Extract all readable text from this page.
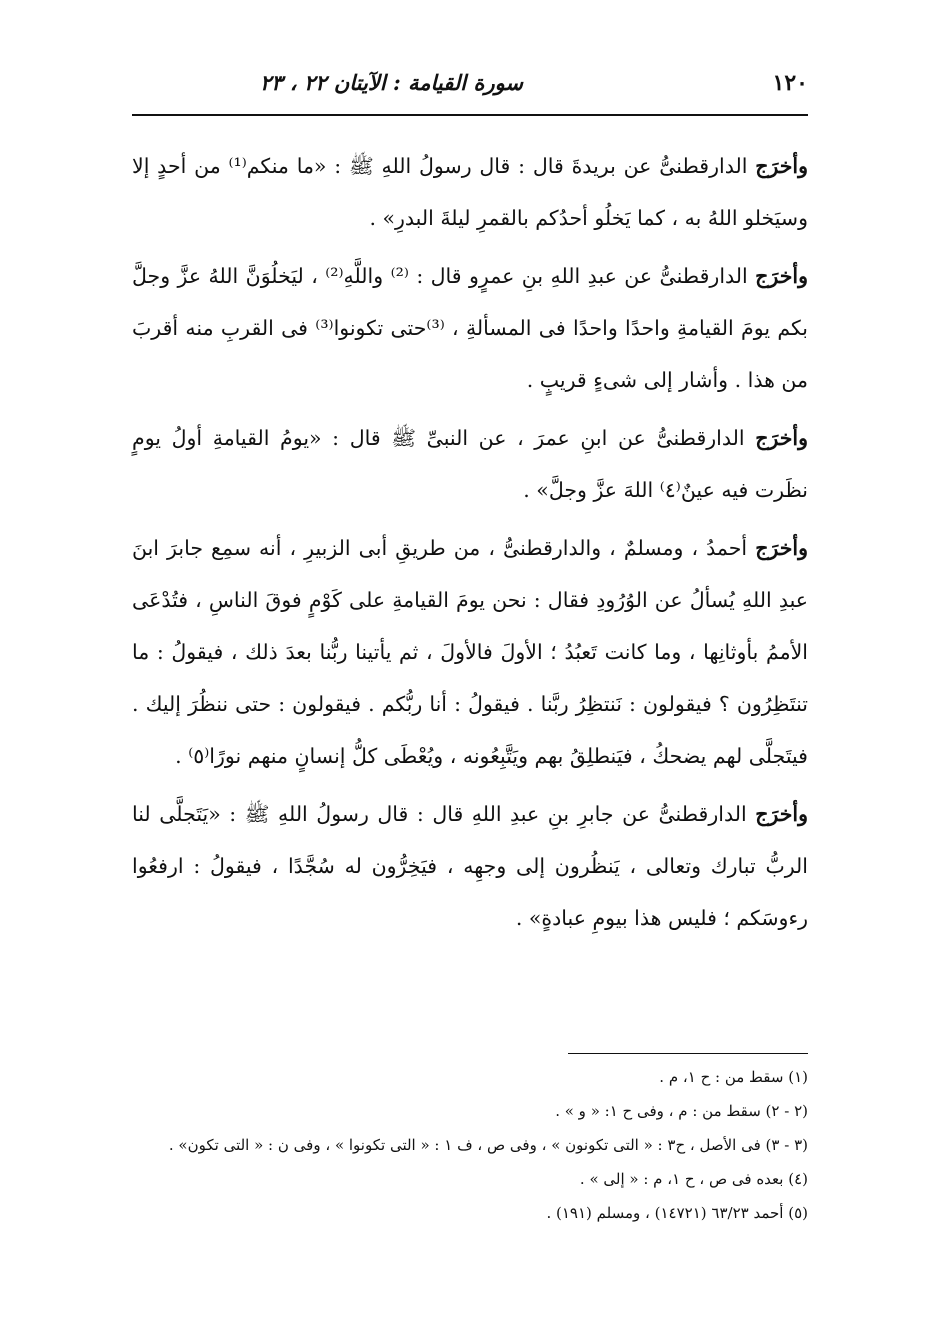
١٢٠
سورة القيامة : الآيتان ٢٢ ، ٢٣

وأخرَج الدارقطنىُّ عن بريدةَ قال : قال رسولُ اللهِ ﷺ : «ما منكم⁽¹⁾ من أحدٍ إلا وسيَخلو اللهُ به ، كما يَخلُو أحدُكم بالقمرِ ليلةَ البدرِ» .

وأخرَج الدارقطنىُّ عن عبدِ اللهِ بنِ عمرٍو قال : ⁽²⁾ واللَّهِ⁽²⁾ ، ليَخلُوَنَّ اللهُ عزَّ وجلَّ بكم يومَ القيامةِ واحدًا واحدًا فى المسألةِ ، ⁽³⁾حتى تكونوا⁽³⁾ فى القربِ منه أقربَ من هذا . وأشار إلى شىءٍ قريبٍ .

وأخرَج الدارقطنىُّ عن ابنِ عمرَ ، عن النبىِّ ﷺ قال : «يومُ القيامةِ أولُ يومٍ نظَرت فيه عينٌ⁽٤⁾ اللهَ عزَّ وجلَّ» .

وأخرَج أحمدُ ، ومسلمٌ ، والدارقطنىُّ ، من طريقِ أبى الزبيرِ ، أنه سمِع جابرَ ابنَ عبدِ اللهِ يُسألُ عن الوُرُودِ فقال : نحن يومَ القيامةِ على كَوْمٍ فوقَ الناسِ ، فتُدْعَى الأممُ بأوثانِها ، وما كانت تَعبُدُ ؛ الأولَ فالأولَ ، ثم يأتينا ربُّنا بعدَ ذلك ، فيقولُ : ما تنتَظِرُون ؟ فيقولون : نَنتظِرُ ربَّنا . فيقولُ : أنا ربُّكم . فيقولون : حتى ننظُرَ إليك . فيتَجلَّى لهم يضحكُ ، فيَنطلِقُ بهم ويَتَّبِعُونه ، ويُعْطَى كلُّ إنسانٍ منهم نورًا⁽٥⁾ .

وأخرَج الدارقطنىُّ عن جابرِ بنِ عبدِ اللهِ قال : قال رسولُ اللهِ ﷺ : «يَتَجلَّى لنا الربُّ تبارك وتعالى ، يَنظُرون إلى وجهِه ، فيَخِرُّون له سُجَّدًا ، فيقولُ : ارفعُوا رءوسَكم ؛ فليس هذا بيومِ عبادةٍ» .

(١) سقط من : ح ١، م .

(٢ - ٢) سقط من : م ، وفى ح ١: « و » .

(٣ - ٣) فى الأصل ، ح٣ : « التى تكونون » ، وفى ص ، ف ١ : « التى تكونوا » ، وفى ن : « التى تكون» .

(٤) بعده فى ص ، ح ١، م : « إلى » .

(٥) أحمد ٦٣/٢٣ (١٤٧٢١) ، ومسلم (١٩١) .
